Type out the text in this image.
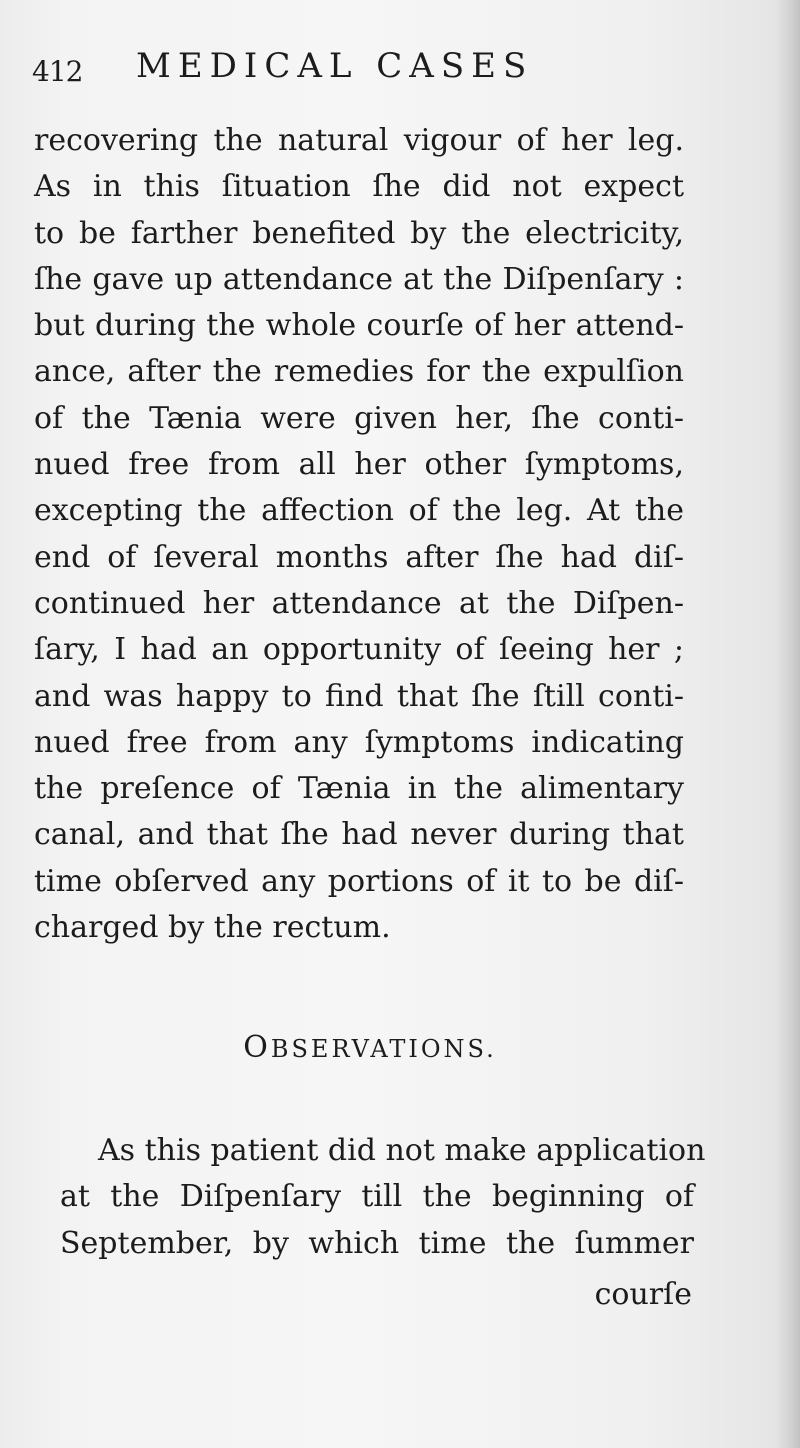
412 MEDICAL CASES
recovering the natural vigour of her leg.
As in this ſituation ſhe did not expect
to be farther benefited by the electricity,
ſhe gave up attendance at the Diſpenſary :
but during the whole courſe of her attend-
ance, after the remedies for the expulſion
of the Tænia were given her, ſhe conti-
nued free from all her other ſymptoms,
excepting the affection of the leg. At the
end of ſeveral months after ſhe had diſ-
continued her attendance at the Diſpen-
ſary, I had an opportunity of ſeeing her ;
and was happy to find that ſhe ſtill conti-
nued free from any ſymptoms indicating
the preſence of Tænia in the alimentary
canal, and that ſhe had never during that
time obſerved any portions of it to be diſ-
charged by the rectum.
OBSERVATIONS.
As this patient did not make application
at the Diſpenſary till the beginning of
September, by which time the ſummer
courſe
